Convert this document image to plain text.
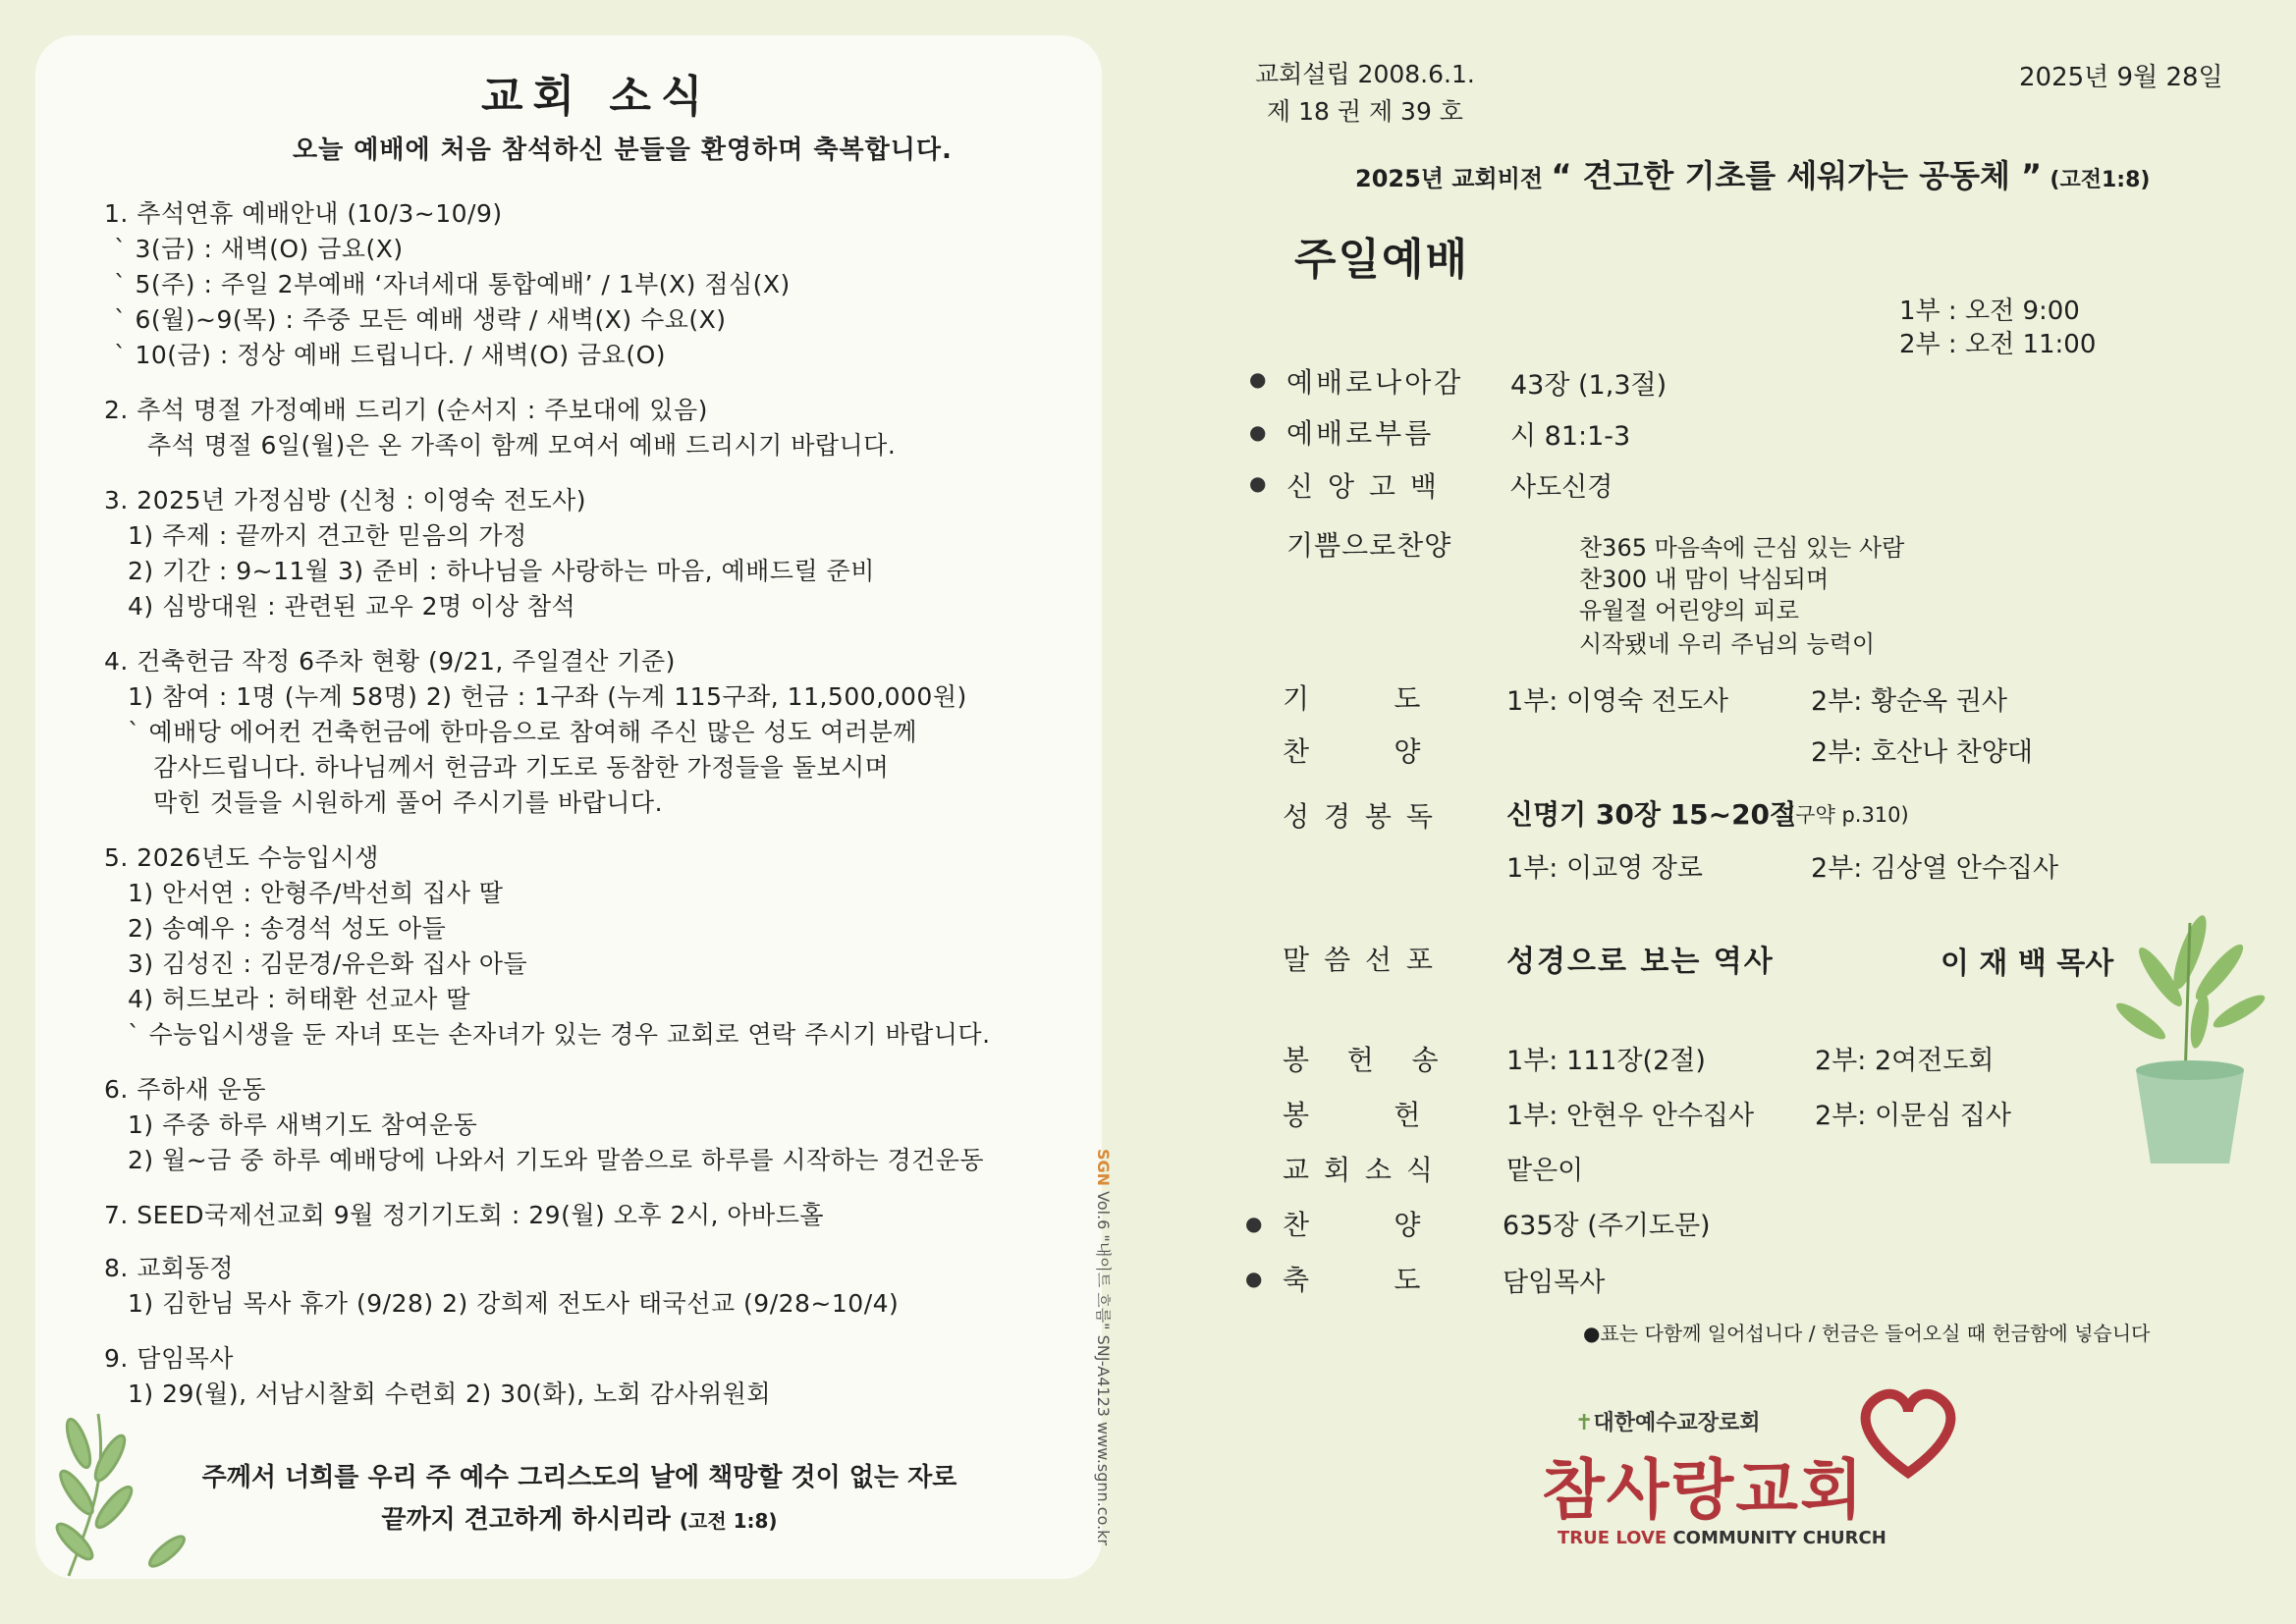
교회 소식
오늘 예배에 처음 참석하신 분들을 환영하며 축복합니다.
1. 추석연휴 예배안내 (10/3~10/9)
` 3(금) : 새벽(O) 금요(X)
` 5(주) : 주일 2부예배 ‘자녀세대 통합예배’ / 1부(X) 점심(X)
` 6(월)~9(목) : 주중 모든 예배 생략 / 새벽(X) 수요(X)
` 10(금) : 정상 예배 드립니다. / 새벽(O) 금요(O)
2. 추석 명절 가정예배 드리기 (순서지 : 주보대에 있음)
추석 명절 6일(월)은 온 가족이 함께 모여서 예배 드리시기 바랍니다.
3. 2025년 가정심방 (신청 : 이영숙 전도사)
1) 주제 : 끝까지 견고한 믿음의 가정
2) 기간 : 9~11월 3) 준비 : 하나님을 사랑하는 마음, 예배드릴 준비
4) 심방대원 : 관련된 교우 2명 이상 참석
4. 건축헌금 작정 6주차 현황 (9/21, 주일결산 기준)
1) 참여 : 1명 (누계 58명) 2) 헌금 : 1구좌 (누계 115구좌, 11,500,000원)
` 예배당 에어컨 건축헌금에 한마음으로 참여해 주신 많은 성도 여러분께
감사드립니다. 하나님께서 헌금과 기도로 동참한 가정들을 돌보시며
막힌 것들을 시원하게 풀어 주시기를 바랍니다.
5. 2026년도 수능입시생
1) 안서연 : 안형주/박선희 집사 딸
2) 송예우 : 송경석 성도 아들
3) 김성진 : 김문경/유은화 집사 아들
4) 허드보라 : 허태환 선교사 딸
` 수능입시생을 둔 자녀 또는 손자녀가 있는 경우 교회로 연락 주시기 바랍니다.
6. 주하새 운동
1) 주중 하루 새벽기도 참여운동
2) 월~금 중 하루 예배당에 나와서 기도와 말씀으로 하루를 시작하는 경건운동
7. SEED국제선교회 9월 정기기도회 : 29(월) 오후 2시, 아바드홀
8. 교회동정
1) 김한님 목사 휴가 (9/28) 2) 강희제 전도사 태국선교 (9/28~10/4)
9. 담임목사
1) 29(월), 서남시찰회 수련회 2) 30(화), 노회 감사위원회
주께서 너희를 우리 주 예수 그리스도의 날에 책망할 것이 없는 자로
끝까지 견고하게 하시리라 (고전 1:8)
SGN Vol.6 "내이트 흐름" SNJ-A4123 www.sgnn.co.kr
교회설립 2008.6.1.
제 18 권 제 39 호
2025년 9월 28일
2025년 교회비전 “ 견고한 기초를 세워가는 공동체 ” (고전1:8)
주일예배
1부 : 오전 9:00
2부 : 오전 11:00
● 예배로나아감 43장 (1,3절)
● 예배로부름	시 81:1-3
● 신 앙 고 백	사도신경
기쁨으로찬양	찬365 마음속에 근심 있는 사람
찬300 내 맘이 낙심되며
유월절 어린양의 피로
시작됐네 우리 주님의 능력이
기       도	1부: 이영숙 전도사	2부: 황순옥 권사
찬       양	2부: 호산나 찬양대
성 경 봉 독	신명기 30장 15~20절
(구약 p.310)
1부: 이교영 장로	2부: 김상열 안수집사
말 씀 선 포 성경으로 보는 역사	이 재 백 목사
봉   헌   송 1부: 111장(2절)	2부: 2여전도회
봉       헌	1부: 안현우 안수집사 2부: 이문심 집사
교 회 소 식	맡은이
● 찬       양	635장 (주기도문)
● 축       도	담임목사
●표는 다함께 일어섭니다 / 헌금은 들어오실 때 헌금함에 넣습니다
✝대한예수교장로회
참사랑교회
TRUE LOVE COMMUNITY CHURCH
